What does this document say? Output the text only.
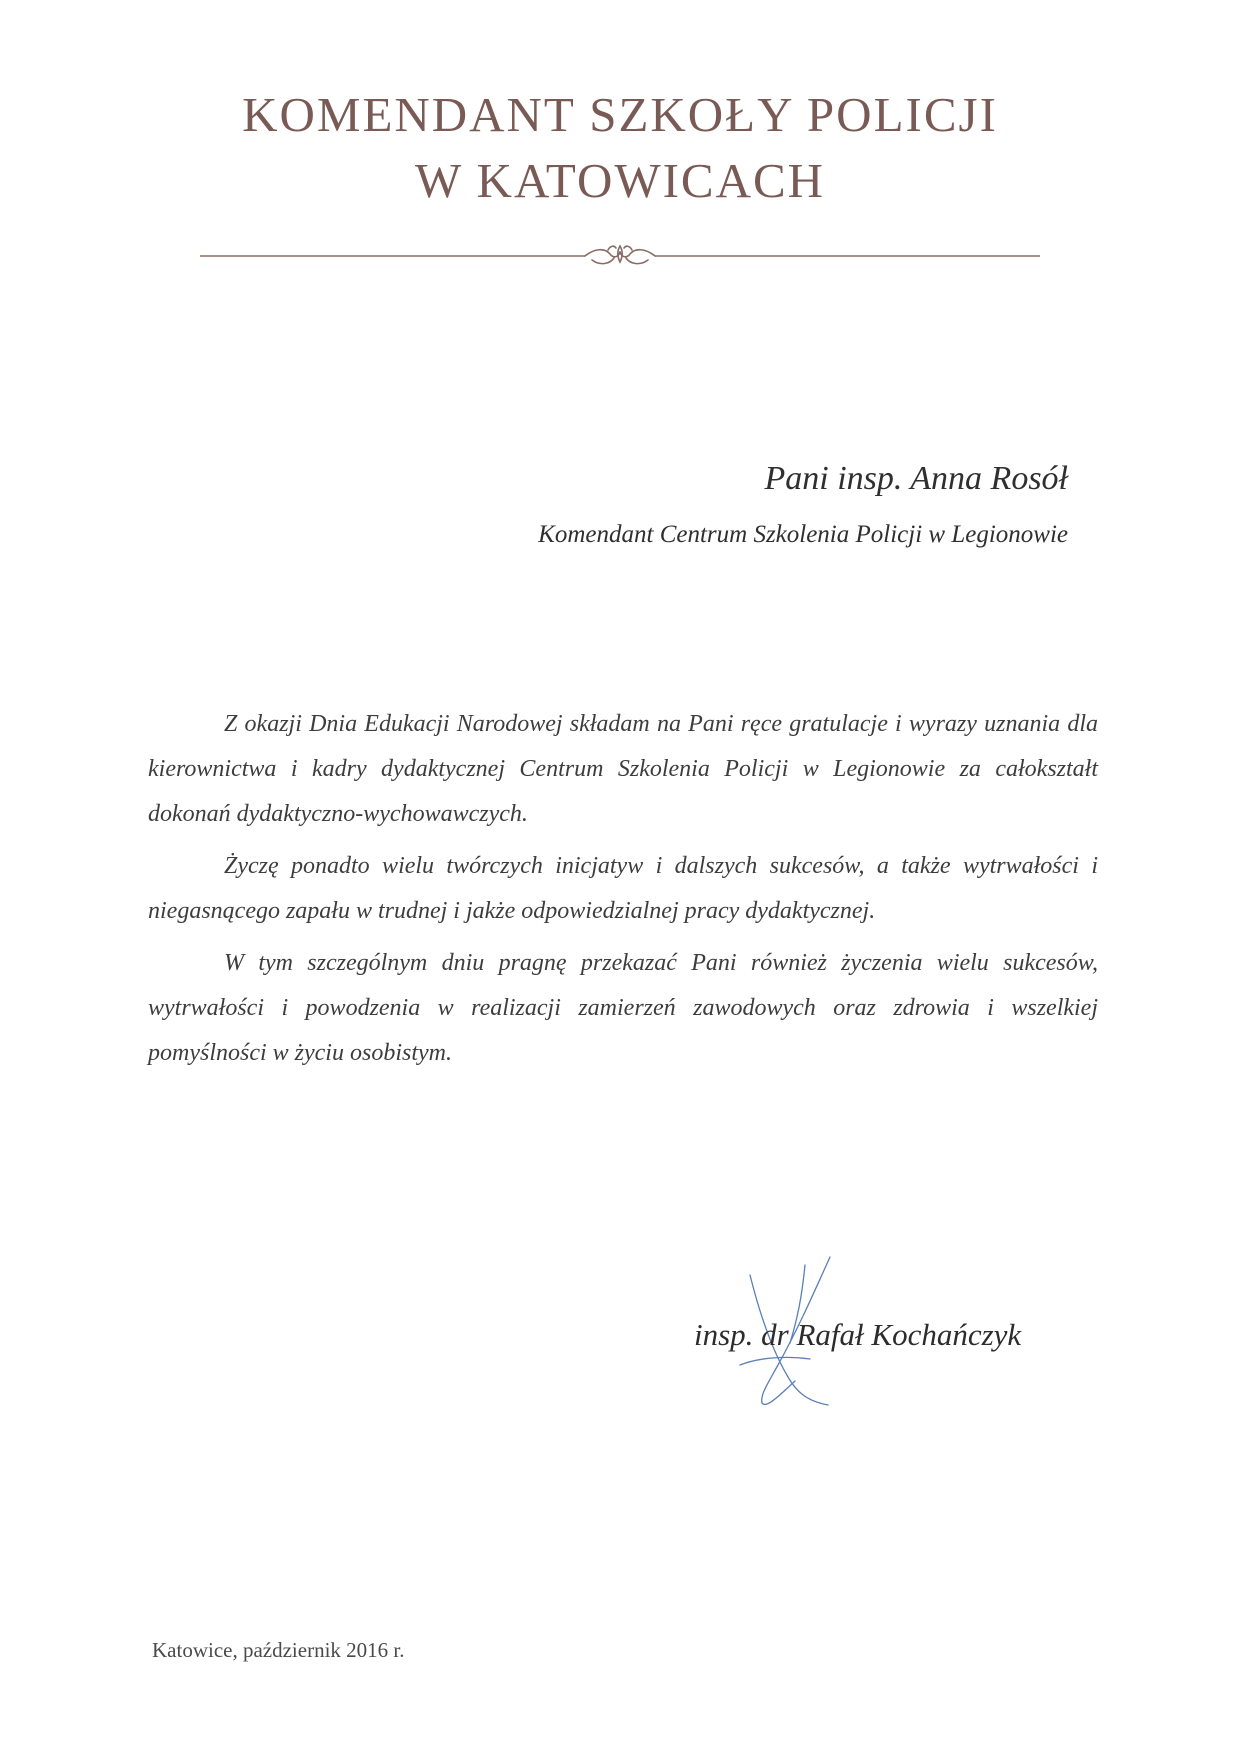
KOMENDANT SZKOŁY POLICJI
W KATOWICACH
Pani insp. Anna Rosół
Komendant Centrum Szkolenia Policji w Legionowie

Z okazji Dnia Edukacji Narodowej składam na Pani ręce gratulacje i wyrazy uznania dla kierownictwa i kadry dydaktycznej Centrum Szkolenia Policji w Legionowie za całokształt dokonań dydaktyczno-wychowawczych.

Życzę ponadto wielu twórczych inicjatyw i dalszych sukcesów, a także wytrwałości i niegasnącego zapału w trudnej i jakże odpowiedzialnej pracy dydaktycznej.

W tym szczególnym dniu pragnę przekazać Pani również życzenia wielu sukcesów, wytrwałości i powodzenia w realizacji zamierzeń zawodowych oraz zdrowia i wszelkiej pomyślności w życiu osobistym.

insp. dr Rafał Kochańczyk
Katowice, październik 2016 r.
